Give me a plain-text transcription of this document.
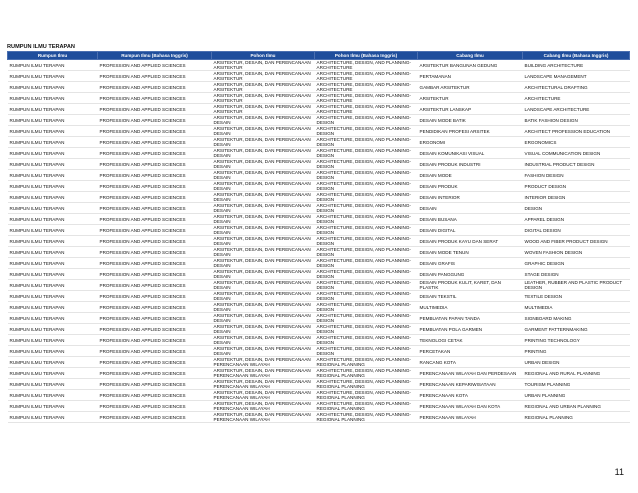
RUMPUN ILMU TERAPAN
Rumpun Ilmu	Rumpun Ilmu (Bahasa Inggris)	Pohon Ilmu	Pohon Ilmu (Bahasa Inggris)	Cabang Ilmu	Cabang Ilmu (Bahasa Inggris)
RUMPUN ILMU TERAPAN	PROFESSION AND APPLIED SCIENCES	ARSITEKTUR, DESAIN, DAN PERENCANAAN ARSITEKTUR	ARCHITECTURE, DESIGN, AND PLANNING-ARCHITECTURE	ARSITEKTUR BANGUNAN GEDUNG	BUILDING ARCHITECTURE
RUMPUN ILMU TERAPAN	PROFESSION AND APPLIED SCIENCES	ARSITEKTUR, DESAIN, DAN PERENCANAAN ARSITEKTUR	ARCHITECTURE, DESIGN, AND PLANNING-ARCHITECTURE	PERTAMANAN	LANDSCAPE MANAGEMENT
RUMPUN ILMU TERAPAN	PROFESSION AND APPLIED SCIENCES	ARSITEKTUR, DESAIN, DAN PERENCANAAN ARSITEKTUR	ARCHITECTURE, DESIGN, AND PLANNING-ARCHITECTURE	GAMBAR ARSITEKTUR	ARCHITECTURAL DRAFTING
RUMPUN ILMU TERAPAN	PROFESSION AND APPLIED SCIENCES	ARSITEKTUR, DESAIN, DAN PERENCANAAN ARSITEKTUR	ARCHITECTURE, DESIGN, AND PLANNING-ARCHITECTURE	ARSITEKTUR	ARCHITECTURE
RUMPUN ILMU TERAPAN	PROFESSION AND APPLIED SCIENCES	ARSITEKTUR, DESAIN, DAN PERENCANAAN ARSITEKTUR	ARCHITECTURE, DESIGN, AND PLANNING-ARCHITECTURE	ARSITEKTUR LANSKAP	LANDSCAPE ARCHITECTURE
RUMPUN ILMU TERAPAN	PROFESSION AND APPLIED SCIENCES	ARSITEKTUR, DESAIN, DAN PERENCANAAN DESAIN	ARCHITECTURE, DESIGN, AND PLANNING-DESIGN	DESAIN MODE BATIK	BATIK FASHION DESIGN
RUMPUN ILMU TERAPAN	PROFESSION AND APPLIED SCIENCES	ARSITEKTUR, DESAIN, DAN PERENCANAAN DESAIN	ARCHITECTURE, DESIGN, AND PLANNING-DESIGN	PENDIDIKAN PROFESI ARSITEK	ARCHITECT PROFESSION EDUCATION
RUMPUN ILMU TERAPAN	PROFESSION AND APPLIED SCIENCES	ARSITEKTUR, DESAIN, DAN PERENCANAAN DESAIN	ARCHITECTURE, DESIGN, AND PLANNING-DESIGN	ERGONOMI	ERGONOMICS
RUMPUN ILMU TERAPAN	PROFESSION AND APPLIED SCIENCES	ARSITEKTUR, DESAIN, DAN PERENCANAAN DESAIN	ARCHITECTURE, DESIGN, AND PLANNING-DESIGN	DESAIN KOMUNIKASI VISUAL	VISUAL COMMUNICATION DESIGN
RUMPUN ILMU TERAPAN	PROFESSION AND APPLIED SCIENCES	ARSITEKTUR, DESAIN, DAN PERENCANAAN DESAIN	ARCHITECTURE, DESIGN, AND PLANNING-DESIGN	DESAIN PRODUK INDUSTRI	INDUSTRIAL PRODUCT DESIGN
RUMPUN ILMU TERAPAN	PROFESSION AND APPLIED SCIENCES	ARSITEKTUR, DESAIN, DAN PERENCANAAN DESAIN	ARCHITECTURE, DESIGN, AND PLANNING-DESIGN	DESAIN MODE	FASHION DESIGN
RUMPUN ILMU TERAPAN	PROFESSION AND APPLIED SCIENCES	ARSITEKTUR, DESAIN, DAN PERENCANAAN DESAIN	ARCHITECTURE, DESIGN, AND PLANNING-DESIGN	DESAIN PRODUK	PRODUCT DESIGN
RUMPUN ILMU TERAPAN	PROFESSION AND APPLIED SCIENCES	ARSITEKTUR, DESAIN, DAN PERENCANAAN DESAIN	ARCHITECTURE, DESIGN, AND PLANNING-DESIGN	DESAIN INTERIOR	INTERIOR DESIGN
RUMPUN ILMU TERAPAN	PROFESSION AND APPLIED SCIENCES	ARSITEKTUR, DESAIN, DAN PERENCANAAN DESAIN	ARCHITECTURE, DESIGN, AND PLANNING-DESIGN	DESAIN	DESIGN
RUMPUN ILMU TERAPAN	PROFESSION AND APPLIED SCIENCES	ARSITEKTUR, DESAIN, DAN PERENCANAAN DESAIN	ARCHITECTURE, DESIGN, AND PLANNING-DESIGN	DESAIN BUSANA	APPAREL DESIGN
RUMPUN ILMU TERAPAN	PROFESSION AND APPLIED SCIENCES	ARSITEKTUR, DESAIN, DAN PERENCANAAN DESAIN	ARCHITECTURE, DESIGN, AND PLANNING-DESIGN	DESAIN DIGITAL	DIGITAL DESIGN
RUMPUN ILMU TERAPAN	PROFESSION AND APPLIED SCIENCES	ARSITEKTUR, DESAIN, DAN PERENCANAAN DESAIN	ARCHITECTURE, DESIGN, AND PLANNING-DESIGN	DESAIN PRODUK KAYU DAN SERAT	WOOD AND FIBER PRODUCT DESIGN
RUMPUN ILMU TERAPAN	PROFESSION AND APPLIED SCIENCES	ARSITEKTUR, DESAIN, DAN PERENCANAAN DESAIN	ARCHITECTURE, DESIGN, AND PLANNING-DESIGN	DESAIN MODE TENUN	WOVEN FASHION DESIGN
RUMPUN ILMU TERAPAN	PROFESSION AND APPLIED SCIENCES	ARSITEKTUR, DESAIN, DAN PERENCANAAN DESAIN	ARCHITECTURE, DESIGN, AND PLANNING-DESIGN	DESAIN GRAFIS	GRAPHIC DESIGN
RUMPUN ILMU TERAPAN	PROFESSION AND APPLIED SCIENCES	ARSITEKTUR, DESAIN, DAN PERENCANAAN DESAIN	ARCHITECTURE, DESIGN, AND PLANNING-DESIGN	DESAIN PANGGUNG	STAGE DESIGN
RUMPUN ILMU TERAPAN	PROFESSION AND APPLIED SCIENCES	ARSITEKTUR, DESAIN, DAN PERENCANAAN DESAIN	ARCHITECTURE, DESIGN, AND PLANNING-DESIGN	DESAIN PRODUK KULIT, KARET, DAN PLASTIK	LEATHER, RUBBER AND PLASTIC PRODUCT DESIGN
RUMPUN ILMU TERAPAN	PROFESSION AND APPLIED SCIENCES	ARSITEKTUR, DESAIN, DAN PERENCANAAN DESAIN	ARCHITECTURE, DESIGN, AND PLANNING-DESIGN	DESAIN TEKSTIL	TEXTILE DESIGN
RUMPUN ILMU TERAPAN	PROFESSION AND APPLIED SCIENCES	ARSITEKTUR, DESAIN, DAN PERENCANAAN DESAIN	ARCHITECTURE, DESIGN, AND PLANNING-DESIGN	MULTIMEDIA	MULTIMEDIA
RUMPUN ILMU TERAPAN	PROFESSION AND APPLIED SCIENCES	ARSITEKTUR, DESAIN, DAN PERENCANAAN DESAIN	ARCHITECTURE, DESIGN, AND PLANNING-DESIGN	PEMBUATAN PAPAN TANDA	SIGNBOARD MAKING
RUMPUN ILMU TERAPAN	PROFESSION AND APPLIED SCIENCES	ARSITEKTUR, DESAIN, DAN PERENCANAAN DESAIN	ARCHITECTURE, DESIGN, AND PLANNING-DESIGN	PEMBUATAN POLA GARMEN	GARMENT PATTERNMAKING
RUMPUN ILMU TERAPAN	PROFESSION AND APPLIED SCIENCES	ARSITEKTUR, DESAIN, DAN PERENCANAAN DESAIN	ARCHITECTURE, DESIGN, AND PLANNING-DESIGN	TEKNOLOGI CETAK	PRINTING TECHNOLOGY
RUMPUN ILMU TERAPAN	PROFESSION AND APPLIED SCIENCES	ARSITEKTUR, DESAIN, DAN PERENCANAAN DESAIN	ARCHITECTURE, DESIGN, AND PLANNING-DESIGN	PERCETAKAN	PRINTING
RUMPUN ILMU TERAPAN	PROFESSION AND APPLIED SCIENCES	ARSITEKTUR, DESAIN, DAN PERENCANAAN PERENCANAAN WILAYAH	ARCHITECTURE, DESIGN, AND PLANNING-REGIONAL PLANNING	RANCANG KOTA	URBAN DESIGN
RUMPUN ILMU TERAPAN	PROFESSION AND APPLIED SCIENCES	ARSITEKTUR, DESAIN, DAN PERENCANAAN PERENCANAAN WILAYAH	ARCHITECTURE, DESIGN, AND PLANNING-REGIONAL PLANNING	PERENCANAAN WILAYAH DAN PERDESAAN	REGIONAL AND RURAL PLANNING
RUMPUN ILMU TERAPAN	PROFESSION AND APPLIED SCIENCES	ARSITEKTUR, DESAIN, DAN PERENCANAAN PERENCANAAN WILAYAH	ARCHITECTURE, DESIGN, AND PLANNING-REGIONAL PLANNING	PERENCANAAN KEPARIWISATAAN	TOURISM PLANNING
RUMPUN ILMU TERAPAN	PROFESSION AND APPLIED SCIENCES	ARSITEKTUR, DESAIN, DAN PERENCANAAN PERENCANAAN WILAYAH	ARCHITECTURE, DESIGN, AND PLANNING-REGIONAL PLANNING	PERENCANAAN KOTA	URBAN PLANNING
RUMPUN ILMU TERAPAN	PROFESSION AND APPLIED SCIENCES	ARSITEKTUR, DESAIN, DAN PERENCANAAN PERENCANAAN WILAYAH	ARCHITECTURE, DESIGN, AND PLANNING-REGIONAL PLANNING	PERENCANAAN WILAYAH DAN KOTA	REGIONAL AND URBAN PLANNING
RUMPUN ILMU TERAPAN	PROFESSION AND APPLIED SCIENCES	ARSITEKTUR, DESAIN, DAN PERENCANAAN PERENCANAAN WILAYAH	ARCHITECTURE, DESIGN, AND PLANNING-REGIONAL PLANNING	PERENCANAAN WILAYAH	REGIONAL PLANNING
11
